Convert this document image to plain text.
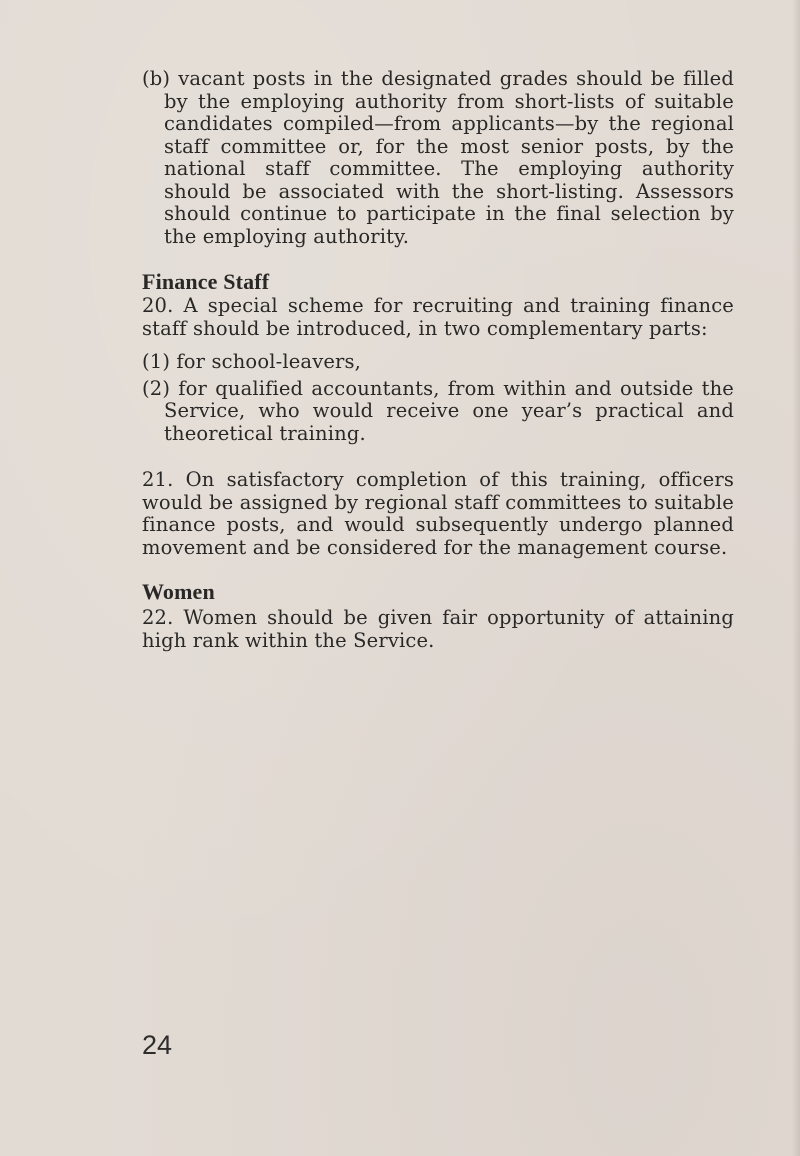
(b) vacant posts in the designated grades should be filled by the employing authority from short-lists of suitable candidates compiled—from applicants—by the regional staff committee or, for the most senior posts, by the national staff committee. The employing authority should be associated with the short-listing. Assessors should continue to participate in the final selection by the employing authority.

Finance Staff

20. A special scheme for recruiting and training finance staff should be introduced, in two complementary parts:

(1) for school-leavers,

(2) for qualified accountants, from within and outside the Service, who would receive one year’s practical and theoretical training.

21. On satisfactory completion of this training, officers would be assigned by regional staff committees to suitable finance posts, and would subsequently undergo planned movement and be considered for the management course.

Women

22. Women should be given fair opportunity of attaining high rank within the Service.

24
